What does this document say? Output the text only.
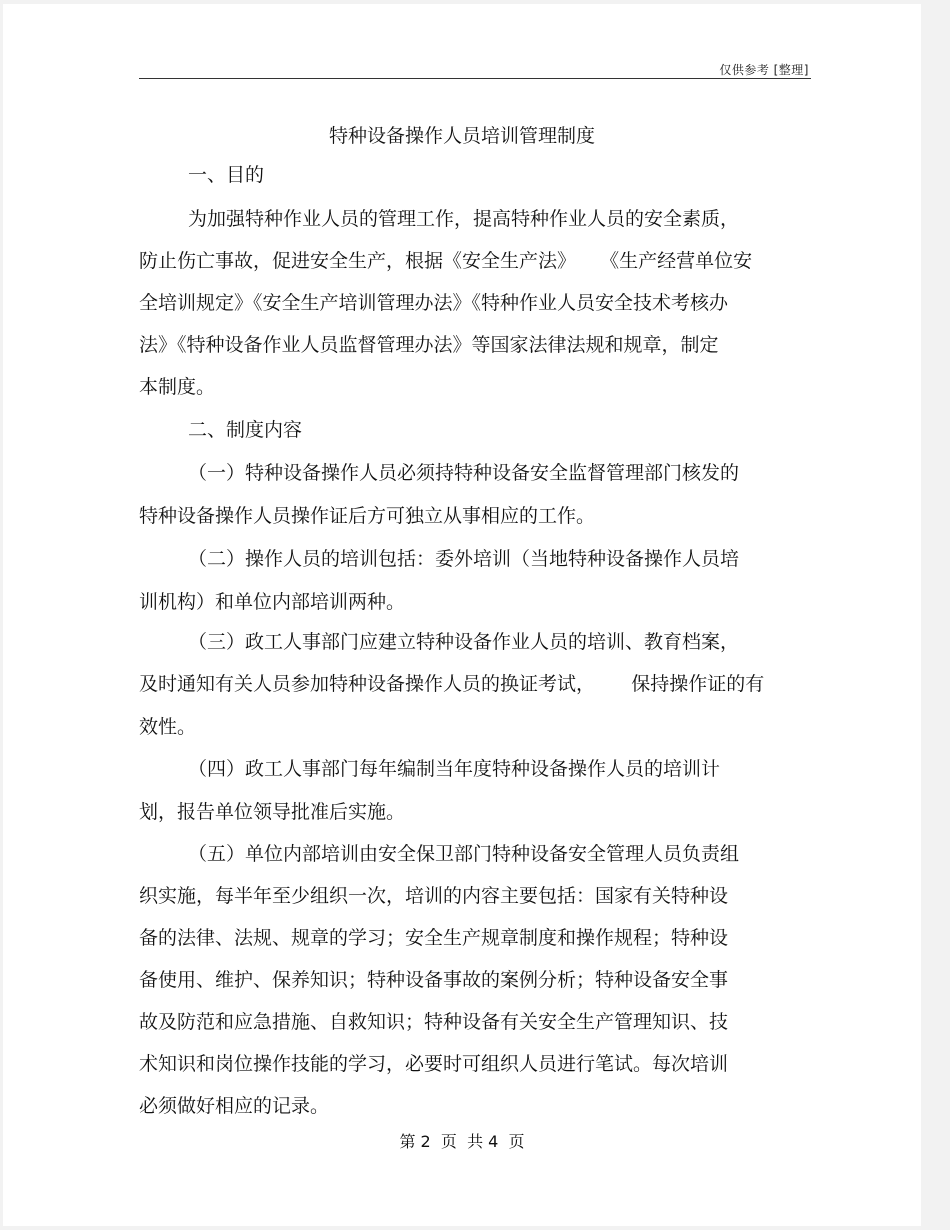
仅供参考 [整理]
特种设备操作人员培训管理制度
一、目的
为加强特种作业人员的管理工作，提高特种作业人员的安全素质，
防止伤亡事故，促进安全生产，根据《安全生产法》    《生产经营单位安
全培训规定》《安全生产培训管理办法》《特种作业人员安全技术考核办
法》《特种设备作业人员监督管理办法》等国家法律法规和规章，制定
本制度。
二、制度内容
（一）特种设备操作人员必须持特种设备安全监督管理部门核发的
特种设备操作人员操作证后方可独立从事相应的工作。
（二）操作人员的培训包括：委外培训（当地特种设备操作人员培
训机构）和单位内部培训两种。
（三）政工人事部门应建立特种设备作业人员的培训、教育档案，
及时通知有关人员参加特种设备操作人员的换证考试，      保持操作证的有
效性。
（四）政工人事部门每年编制当年度特种设备操作人员的培训计
划，报告单位领导批准后实施。
（五）单位内部培训由安全保卫部门特种设备安全管理人员负责组
织实施，每半年至少组织一次，培训的内容主要包括：国家有关特种设
备的法律、法规、规章的学习；安全生产规章制度和操作规程；特种设
备使用、维护、保养知识；特种设备事故的案例分析；特种设备安全事
故及防范和应急措施、自救知识；特种设备有关安全生产管理知识、技
术知识和岗位操作技能的学习，必要时可组织人员进行笔试。每次培训
必须做好相应的记录。
第 2  页  共 4  页
